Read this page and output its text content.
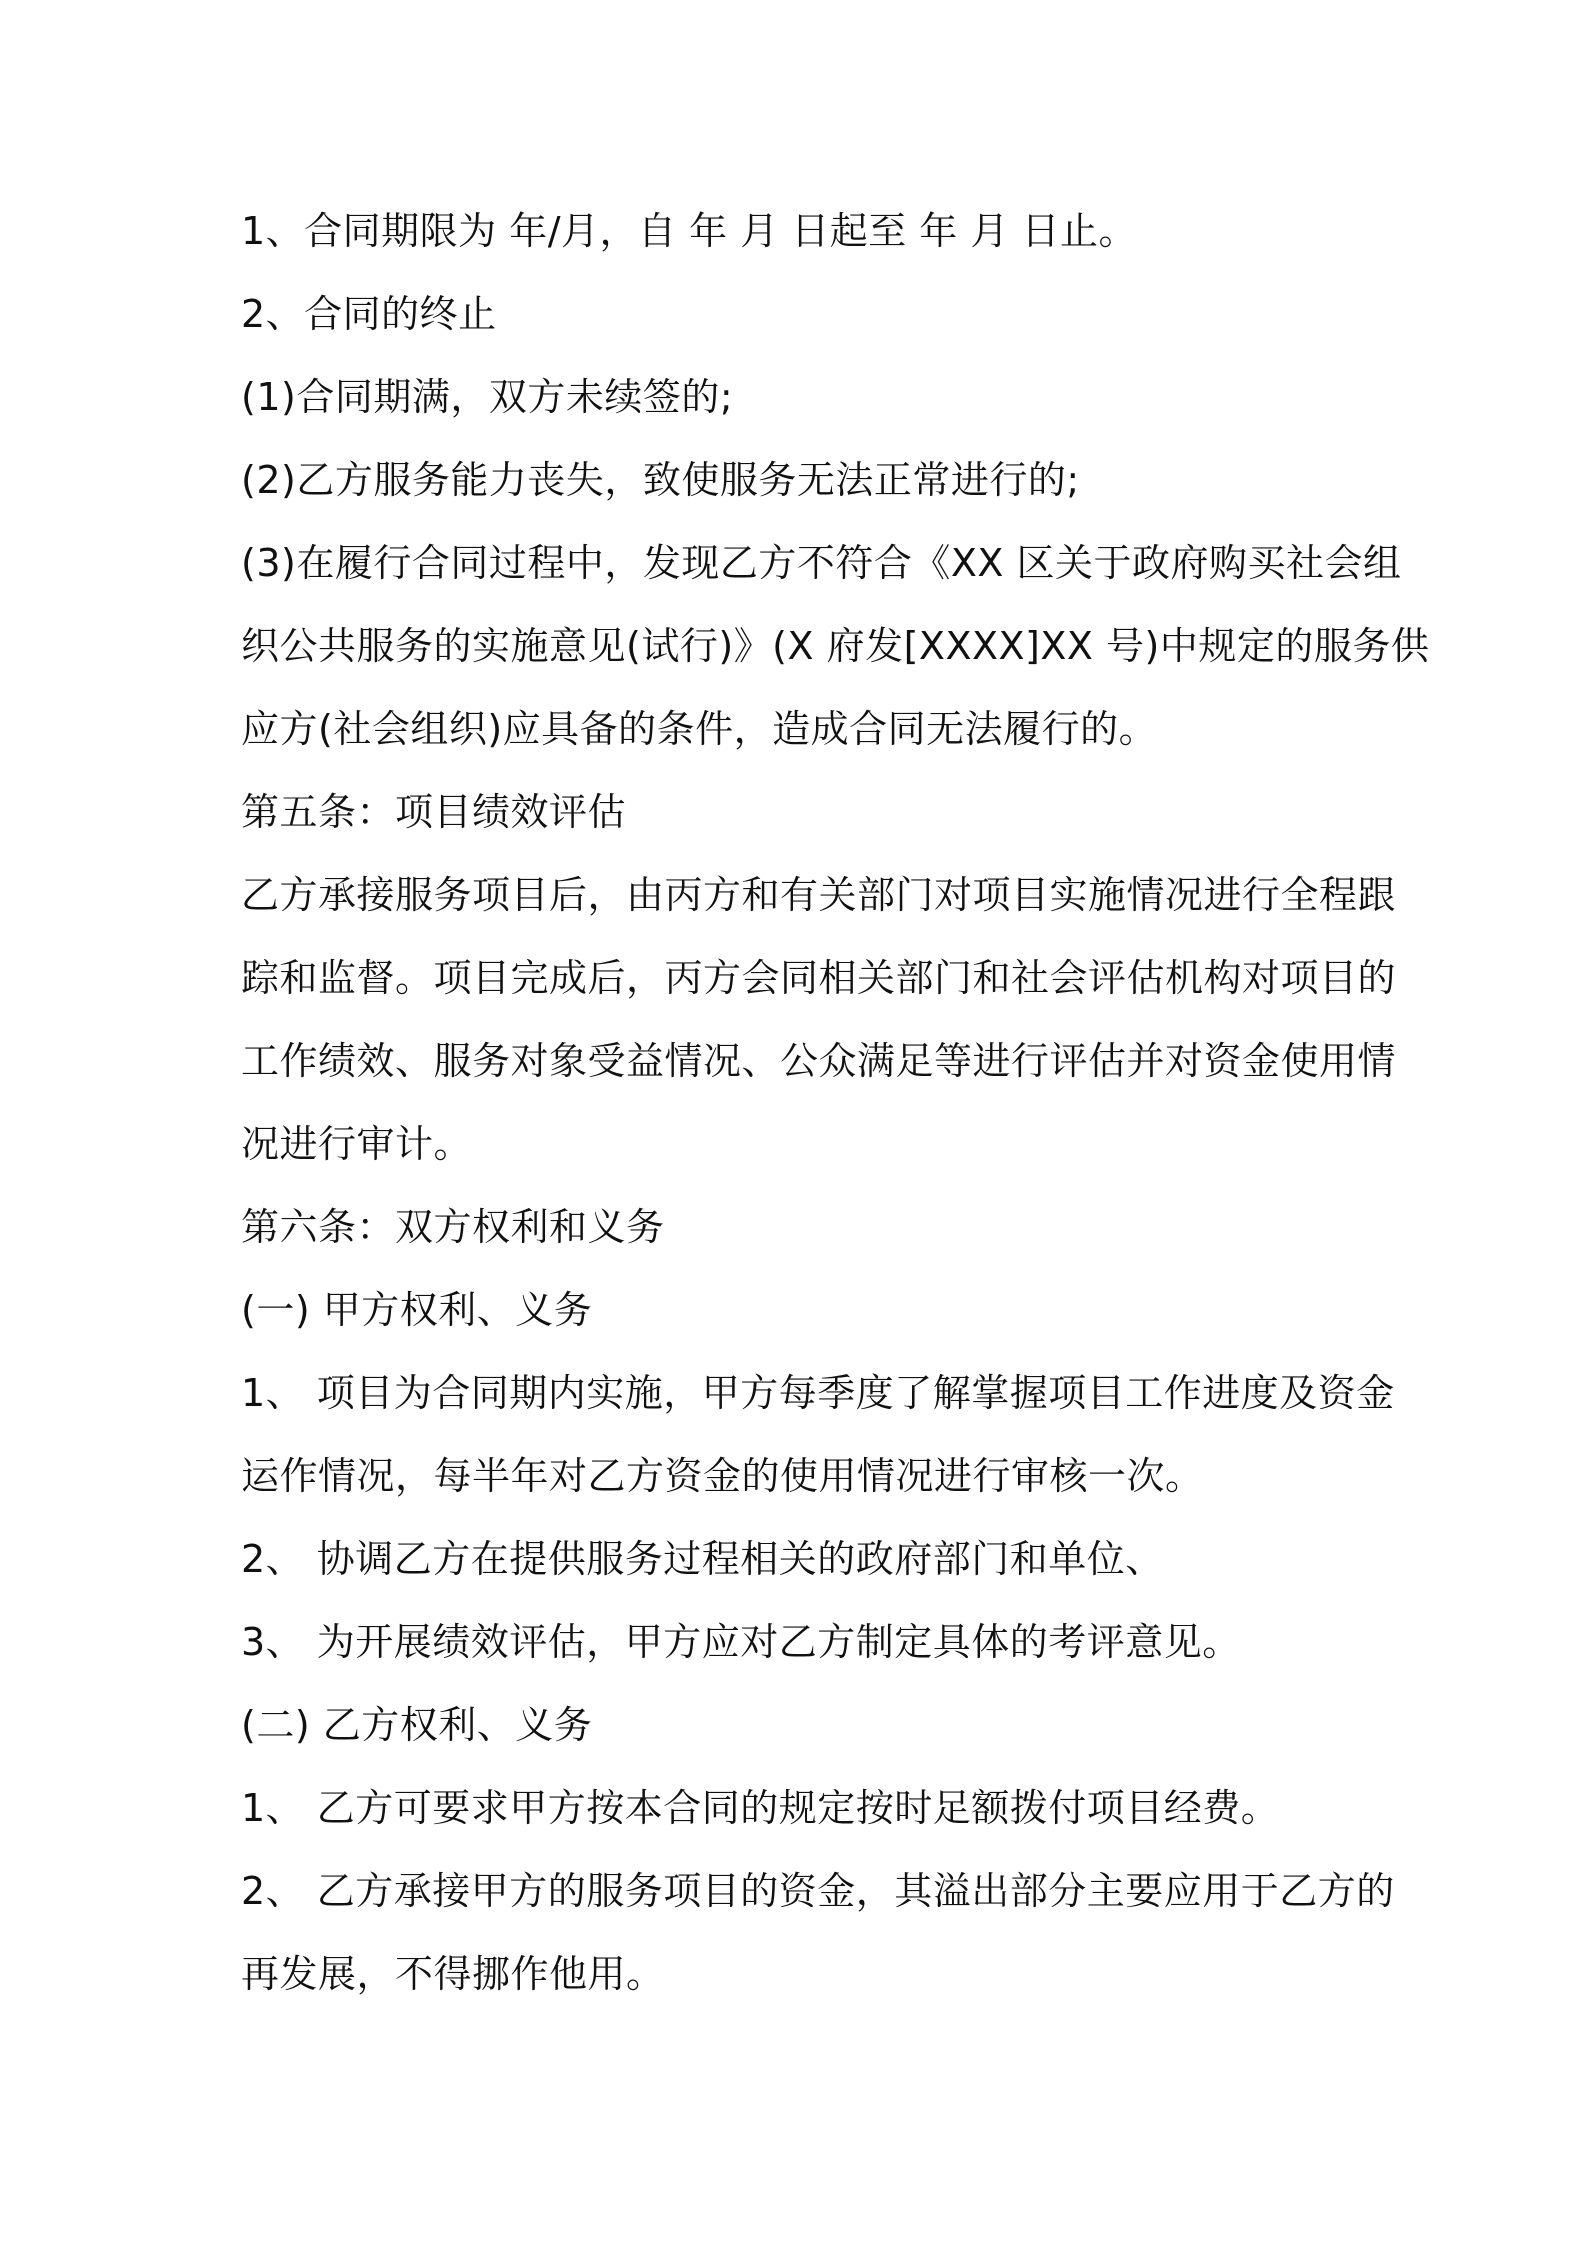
1、合同期限为 年/月，自 年 月 日起至 年 月 日止。
2、合同的终止
(1)合同期满，双方未续签的;
(2)乙方服务能力丧失，致使服务无法正常进行的;
(3)在履行合同过程中，发现乙方不符合《XX 区关于政府购买社会组
织公共服务的实施意见(试行)》(X 府发[XXXX]XX 号)中规定的服务供
应方(社会组织)应具备的条件，造成合同无法履行的。
第五条：项目绩效评估
乙方承接服务项目后，由丙方和有关部门对项目实施情况进行全程跟
踪和监督。项目完成后，丙方会同相关部门和社会评估机构对项目的
工作绩效、服务对象受益情况、公众满足等进行评估并对资金使用情
况进行审计。
第六条：双方权利和义务
(一) 甲方权利、义务
1、 项目为合同期内实施，甲方每季度了解掌握项目工作进度及资金
运作情况，每半年对乙方资金的使用情况进行审核一次。
2、 协调乙方在提供服务过程相关的政府部门和单位、
3、 为开展绩效评估，甲方应对乙方制定具体的考评意见。
(二) 乙方权利、义务
1、 乙方可要求甲方按本合同的规定按时足额拨付项目经费。
2、 乙方承接甲方的服务项目的资金，其溢出部分主要应用于乙方的
再发展，不得挪作他用。
